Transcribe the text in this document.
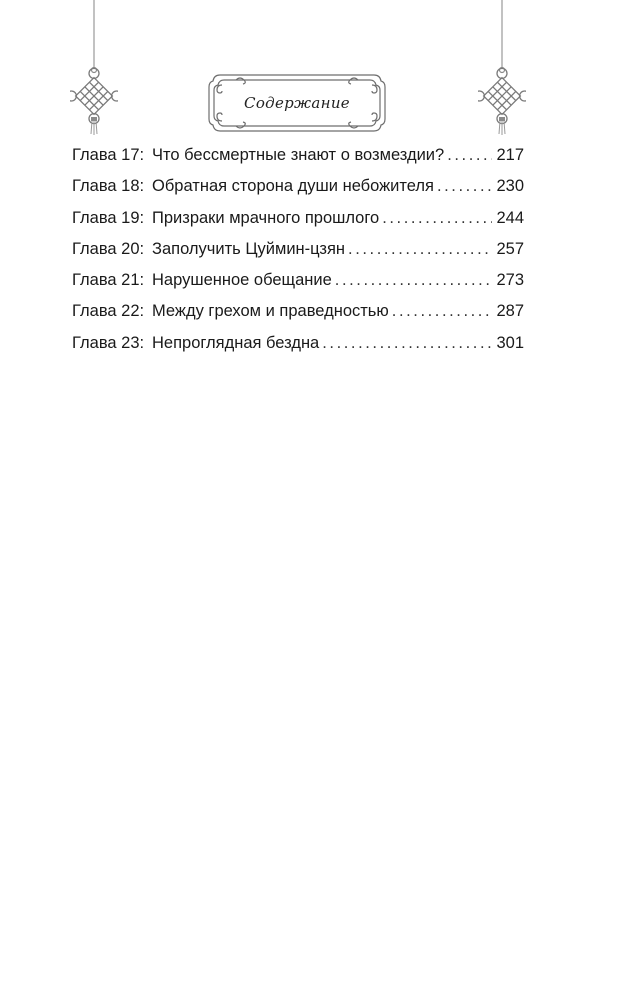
Содержание
Глава 17: Что бессмертные знают о возмездии? . . .	217
Глава 18: Обратная сторона души небожителя . . .	230
Глава 19: Призраки мрачного прошлого . . .	244
Глава 20: Заполучить Цуймин-цзян . . .	257
Глава 21: Нарушенное обещание . . .	273
Глава 22: Между грехом и праведностью . . .	287
Глава 23: Непроглядная бездна . . .	301
